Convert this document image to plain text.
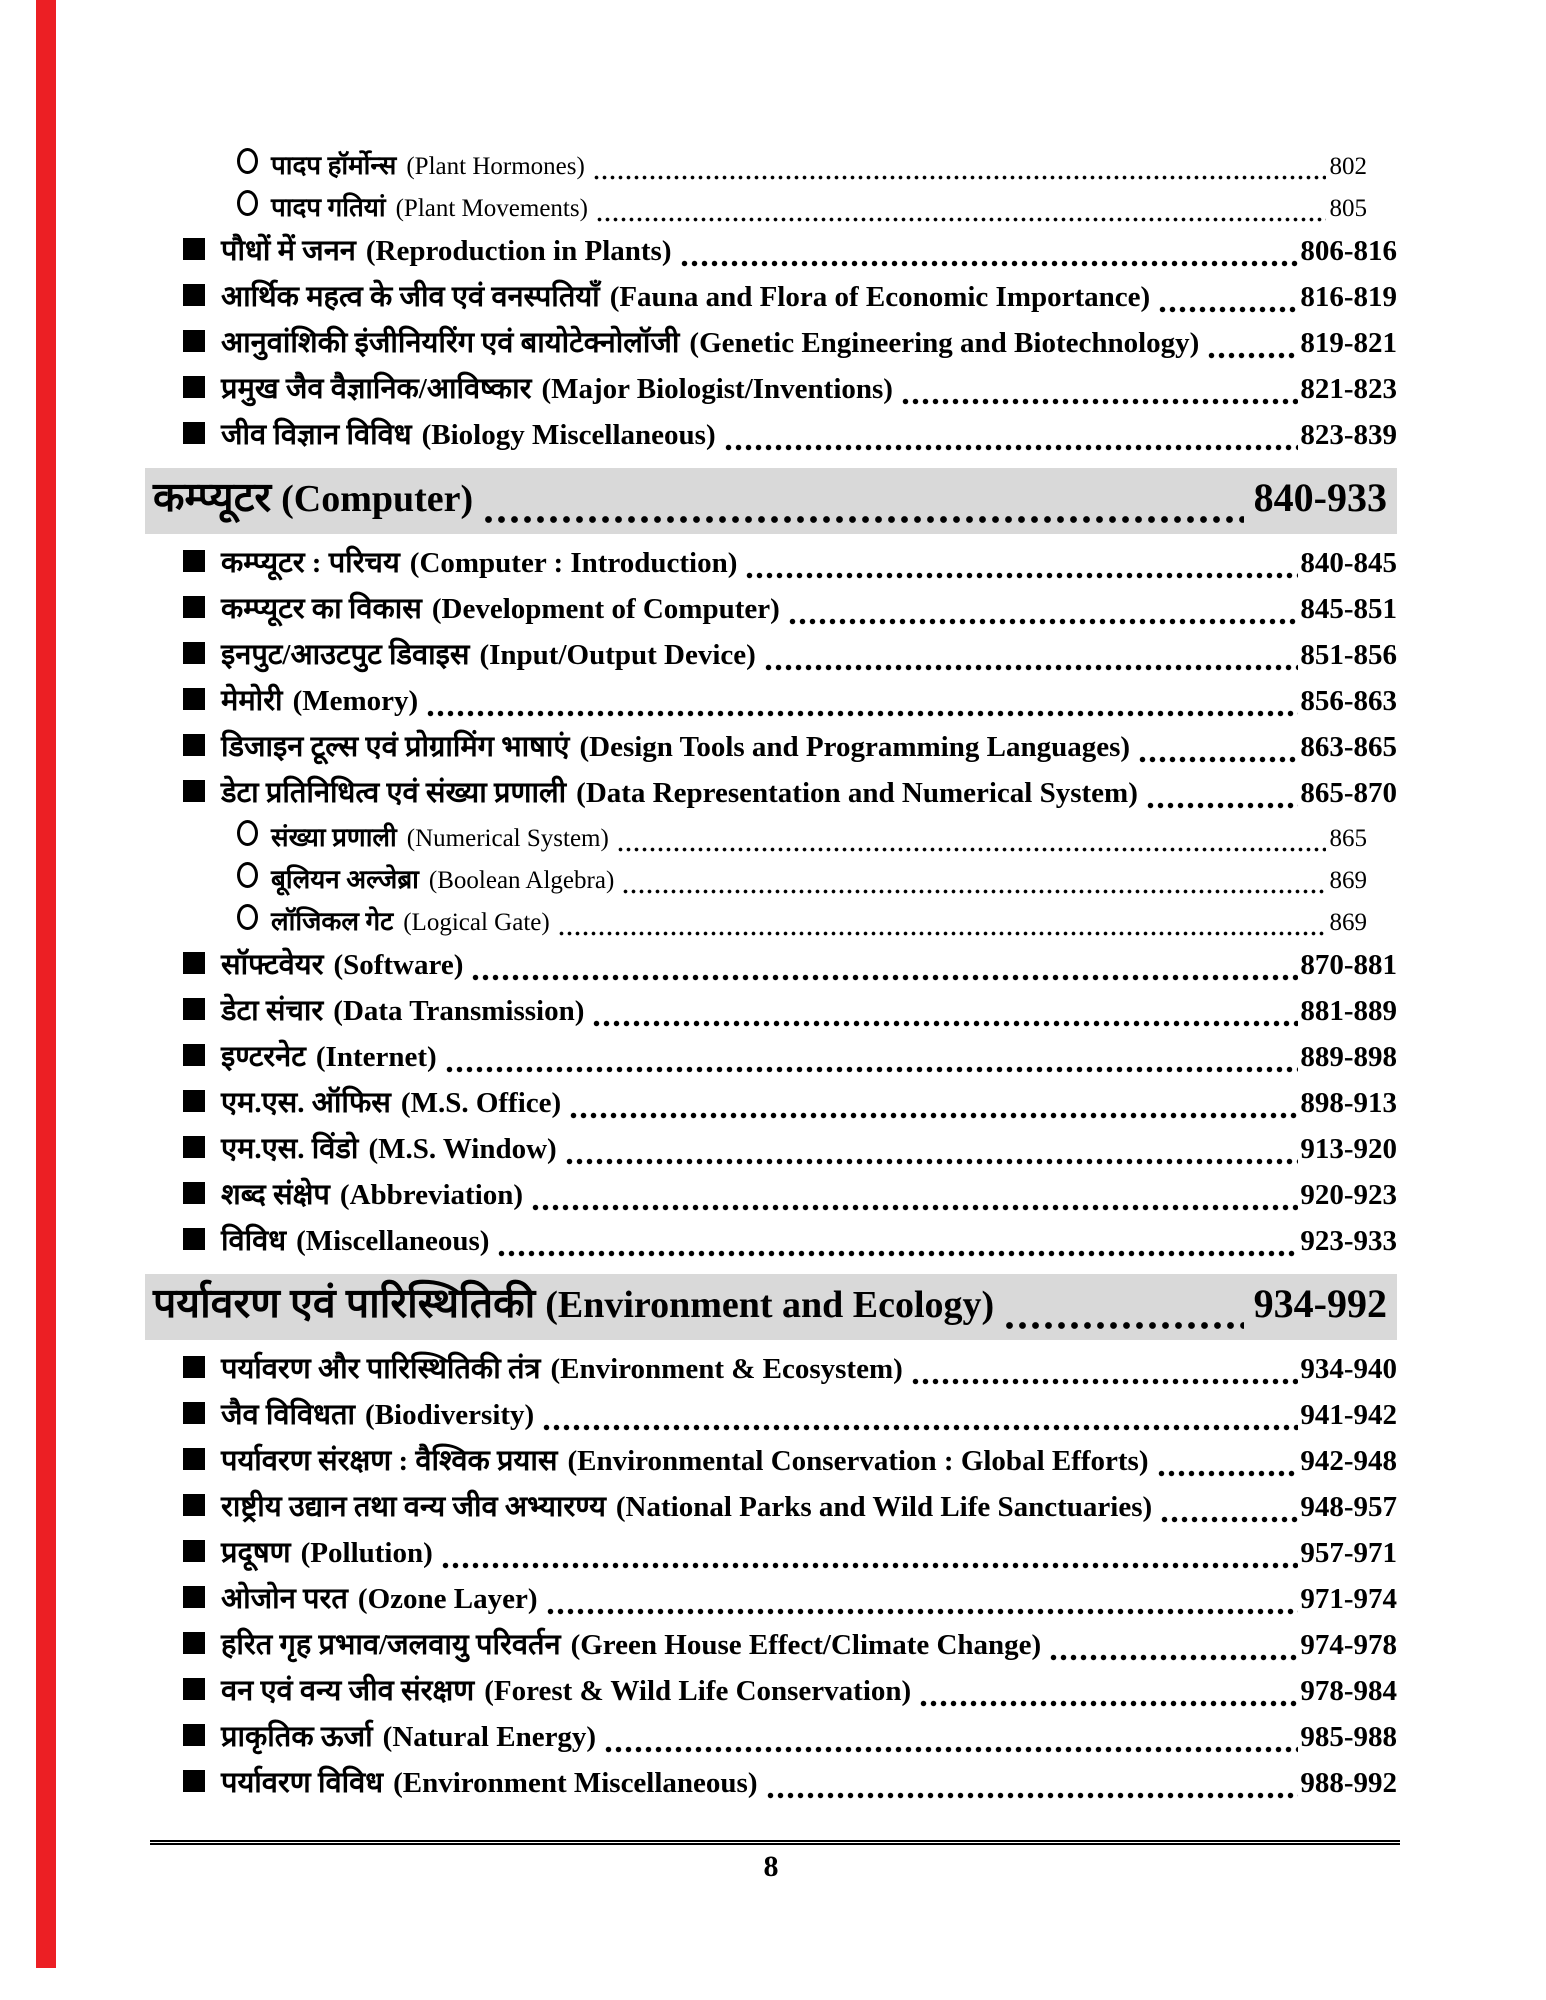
पादप हॉर्मोन्स (Plant Hormones)	802
पादप गतियां (Plant Movements)	805
पौधों में जनन (Reproduction in Plants)	806-816
आर्थिक महत्व के जीव एवं वनस्पतियाँ (Fauna and Flora of Economic Importance)	816-819
आनुवांशिकी इंजीनियरिंग एवं बायोटेक्नोलॉजी (Genetic Engineering and Biotechnology)	819-821
प्रमुख जैव वैज्ञानिक/आविष्कार (Major Biologist/Inventions)	821-823
जीव विज्ञान विविध (Biology Miscellaneous)	823-839
कम्प्यूटर (Computer)	840-933
कम्प्यूटर : परिचय (Computer : Introduction)	840-845
कम्प्यूटर का विकास (Development of Computer)	845-851
इनपुट/आउटपुट डिवाइस (Input/Output Device)	851-856
मेमोरी (Memory)	856-863
डिजाइन टूल्स एवं प्रोग्रामिंग भाषाएं (Design Tools and Programming Languages)	863-865
डेटा प्रतिनिधित्व एवं संख्या प्रणाली (Data Representation and Numerical System)	865-870
संख्या प्रणाली (Numerical System)	865
बूलियन अल्जेब्रा (Boolean Algebra)	869
लॉजिकल गेट (Logical Gate)	869
सॉफ्टवेयर (Software)	870-881
डेटा संचार (Data Transmission)	881-889
इण्टरनेट (Internet)	889-898
एम.एस. ऑफिस (M.S. Office)	898-913
एम.एस. विंडो (M.S. Window)	913-920
शब्द संक्षेप (Abbreviation)	920-923
विविध (Miscellaneous)	923-933
पर्यावरण एवं पारिस्थितिकी (Environment and Ecology)	934-992
पर्यावरण और पारिस्थितिकी तंत्र (Environment & Ecosystem)	934-940
जैव विविधता (Biodiversity)	941-942
पर्यावरण संरक्षण : वैश्विक प्रयास (Environmental Conservation : Global Efforts)	942-948
राष्ट्रीय उद्यान तथा वन्य जीव अभ्यारण्य (National Parks and Wild Life Sanctuaries)	948-957
प्रदूषण (Pollution)	957-971
ओजोन परत (Ozone Layer)	971-974
हरित गृह प्रभाव/जलवायु परिवर्तन (Green House Effect/Climate Change)	974-978
वन एवं वन्य जीव संरक्षण (Forest & Wild Life Conservation)	978-984
प्राकृतिक ऊर्जा (Natural Energy)	985-988
पर्यावरण विविध (Environment Miscellaneous)	988-992
8
